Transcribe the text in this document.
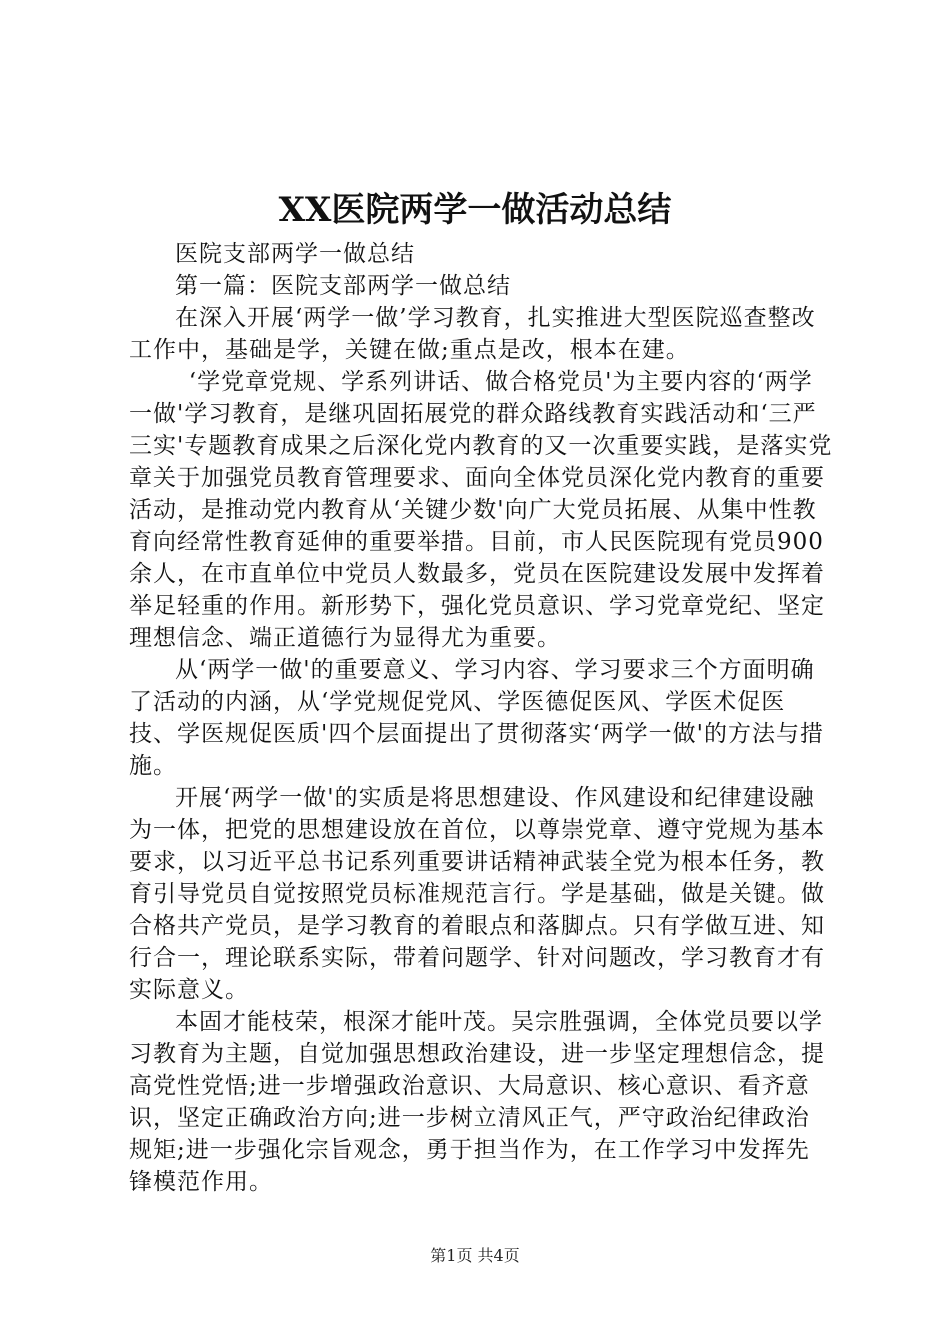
XX医院两学一做活动总结

医院支部两学一做总结

第一篇：医院支部两学一做总结

在深入开展‘两学一做’学习教育，扎实推进大型医院巡查整改工作中，基础是学，关键在做;重点是改，根本在建。

‘学党章党规、学系列讲话、做合格党员'为主要内容的‘两学一做'学习教育，是继巩固拓展党的群众路线教育实践活动和‘三严三实'专题教育成果之后深化党内教育的又一次重要实践，是落实党章关于加强党员教育管理要求、面向全体党员深化党内教育的重要活动，是推动党内教育从‘关键少数'向广大党员拓展、从集中性教育向经常性教育延伸的重要举措。目前，市人民医院现有党员900余人，在市直单位中党员人数最多，党员在医院建设发展中发挥着举足轻重的作用。新形势下，强化党员意识、学习党章党纪、坚定理想信念、端正道德行为显得尤为重要。

从‘两学一做'的重要意义、学习内容、学习要求三个方面明确了活动的内涵，从‘学党规促党风、学医德促医风、学医术促医技、学医规促医质'四个层面提出了贯彻落实‘两学一做'的方法与措施。

开展‘两学一做'的实质是将思想建设、作风建设和纪律建设融为一体，把党的思想建设放在首位，以尊崇党章、遵守党规为基本要求，以习近平总书记系列重要讲话精神武装全党为根本任务，教育引导党员自觉按照党员标准规范言行。学是基础，做是关键。做合格共产党员，是学习教育的着眼点和落脚点。只有学做互进、知行合一，理论联系实际，带着问题学、针对问题改，学习教育才有实际意义。

本固才能枝荣，根深才能叶茂。吴宗胜强调，全体党员要以学习教育为主题，自觉加强思想政治建设，进一步坚定理想信念，提高党性党悟;进一步增强政治意识、大局意识、核心意识、看齐意识，坚定正确政治方向;进一步树立清风正气，严守政治纪律政治规矩;进一步强化宗旨观念，勇于担当作为，在工作学习中发挥先锋模范作用。

第1页 共4页
